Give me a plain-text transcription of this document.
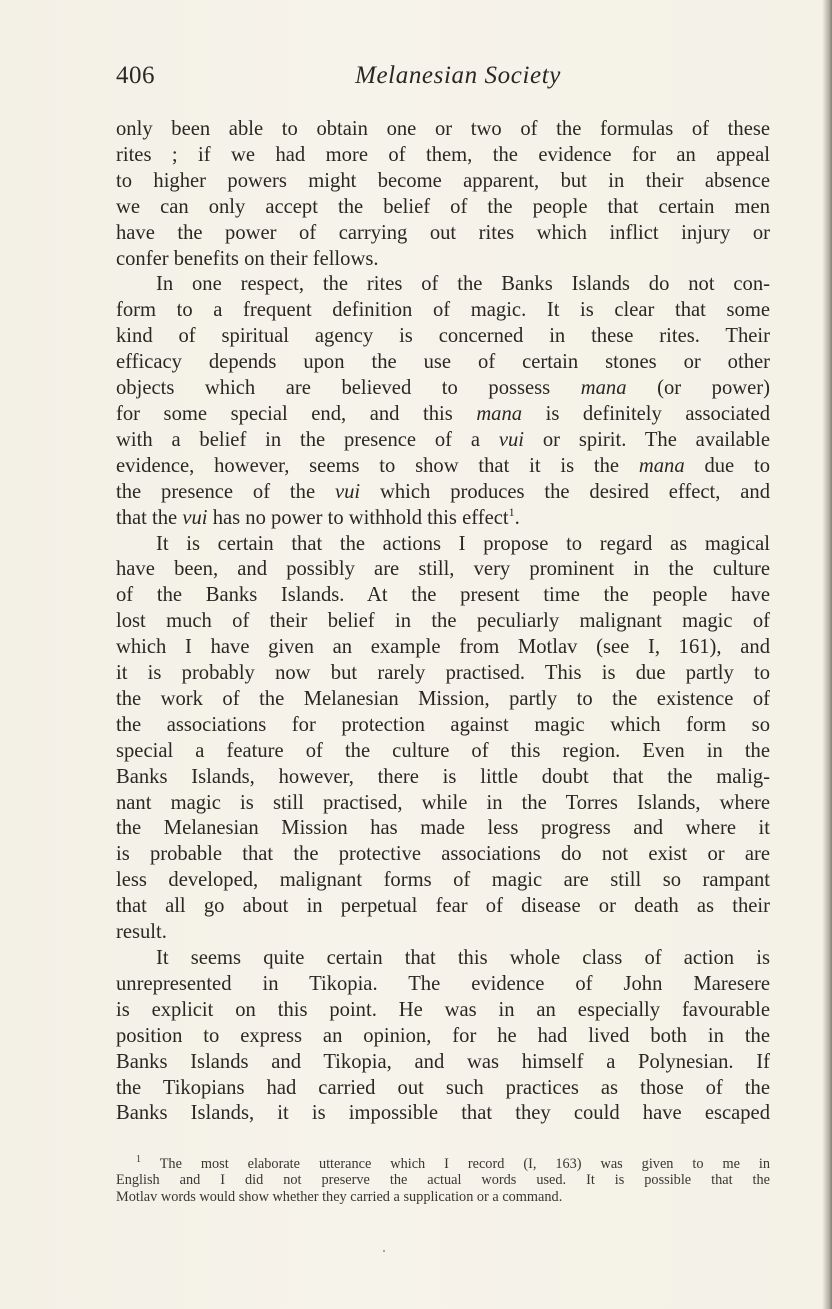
406	Melanesian Society
only been able to obtain one or two of the formulas of these
rites ; if we had more of them, the evidence for an appeal
to higher powers might become apparent, but in their absence
we can only accept the belief of the people that certain men
have the power of carrying out rites which inflict injury or
confer benefits on their fellows.
In one respect, the rites of the Banks Islands do not con-
form to a frequent definition of magic. It is clear that some
kind of spiritual agency is concerned in these rites. Their
efficacy depends upon the use of certain stones or other
objects which are believed to possess mana (or power)
for some special end, and this mana is definitely associated
with a belief in the presence of a vui or spirit. The available
evidence, however, seems to show that it is the mana due to
the presence of the vui which produces the desired effect, and
that the vui has no power to withhold this effect$^1$.
It is certain that the actions I propose to regard as magical
have been, and possibly are still, very prominent in the culture
of the Banks Islands. At the present time the people have
lost much of their belief in the peculiarly malignant magic of
which I have given an example from Motlav (see I, 161), and
it is probably now but rarely practised. This is due partly to
the work of the Melanesian Mission, partly to the existence of
the associations for protection against magic which form so
special a feature of the culture of this region. Even in the
Banks Islands, however, there is little doubt that the malig-
nant magic is still practised, while in the Torres Islands, where
the Melanesian Mission has made less progress and where it
is probable that the protective associations do not exist or are
less developed, malignant forms of magic are still so rampant
that all go about in perpetual fear of disease or death as their
result.
It seems quite certain that this whole class of action is
unrepresented in Tikopia. The evidence of John Maresere
is explicit on this point. He was in an especially favourable
position to express an opinion, for he had lived both in the
Banks Islands and Tikopia, and was himself a Polynesian. If
the Tikopians had carried out such practices as those of the
Banks Islands, it is impossible that they could have escaped
$^1$ The most elaborate utterance which I record (I, 163) was given to me in
English and I did not preserve the actual words used. It is possible that the
Motlav words would show whether they carried a supplication or a command.
